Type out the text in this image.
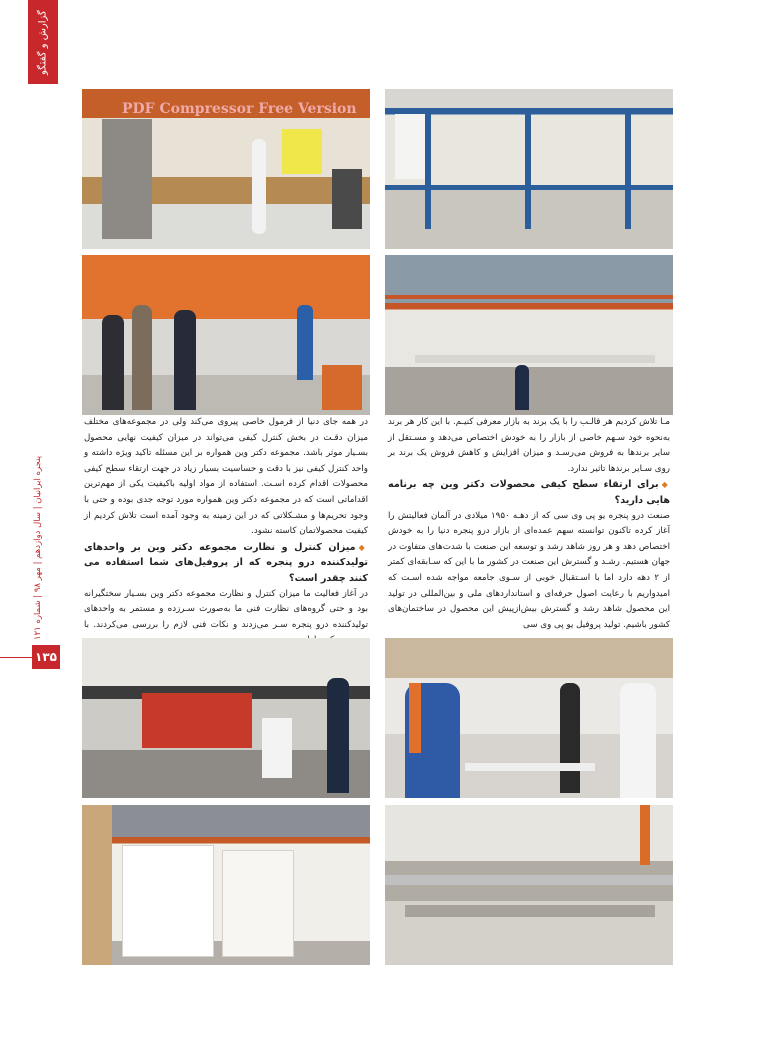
گزارش و گفتگو
پنجره ایرانیان | سال دوازدهم | مهر ۹۸ | شماره ۱۲۱
۱۳۵
PDF Compressor Free Version

مـا تلاش کردیم هر قالـب را با یک برند به بازار معرفی کنیـم. با این کار هر برند به‌نحوه خود سـهم خاصی از بازار را به خودش اختصاص می‌دهد و مسـتقل از سایر برندها به فروش می‌رسـد و میزان افزایش و کاهش فروش یک برند بر روی سـایر برندها تاثیر ندارد.

◆برای ارتقاء سطح کیفی محصولات دکتر وین چه برنامه هایی دارید؟

صنعت درو پنجره یو پی وی سی که از دهـه ۱۹۵۰ میلادی در آلمان فعالیتش را آغاز کرده تاکنون توانسته سهم عمده‌ای از بازار درو پنجره دنیا را به خودش اختصاص دهد و هر روز شاهد رشد و توسعه این صنعت با شدت‌های متفاوت در جهان هستیم. رشـد و گسترش این صنعت در کشور ما با این که سـابقه‌ای کمتر از ۲ دهه دارد اما با اسـتقبال خوبی از سـوی جامعه مواجه شده اسـت که امیدواریم با رعایت اصول حرفه‌ای و استانداردهای ملی و بین‌المللی در تولید این محصول شاهد رشد و گسترش بیش‌ازپیش این محصول در ساختمان‌های کشور باشیم. تولید پروفیل یو پی وی سی

در همه جای دنیا از فرمول خاصی پیروی می‌کند ولی در مجموعه‌های مختلف میزان دقـت در بخش کنترل کیفی می‌تواند در میزان کیفیت نهایی محصول بسـیار موثر باشد. مجموعه دکتر وین همواره بر این مسئله تاکید ویژه داشته و واحد کنترل کیفی نیز با دقت و حساسیت بسیار زیاد در جهت ارتقاء سطح کیفی محصولات اقدام کرده اسـت. استفاده از مواد اولیه باکیفیت یکی از مهم‌ترین اقداماتی است که در مجموعه دکتر وین همواره مورد توجه جدی بوده و حتی با وجود تحریم‌ها و مشـکلاتی که در این زمینه به وجود آمده است تلاش کردیم از کیفیت محصولاتمان کاسته نشود.

◆میزان کنترل و نظارت مجموعه دکتر وین بر واحدهای تولیدکننده درو پنجره که از پروفیل‌های شما استفاده می کنند چقدر است؟

در آغاز فعالیت ما میزان کنترل و نظارت مجموعه دکتر وین بسـیار سختگیرانه بود و حتی گروه‌های نظارت فنی ما به‌صورت سـرزده و مستمر به واحدهای تولیدکننده درو پنجره سـر می‌زدند و نکات فنی لازم را بررسی می‌کردند. با
